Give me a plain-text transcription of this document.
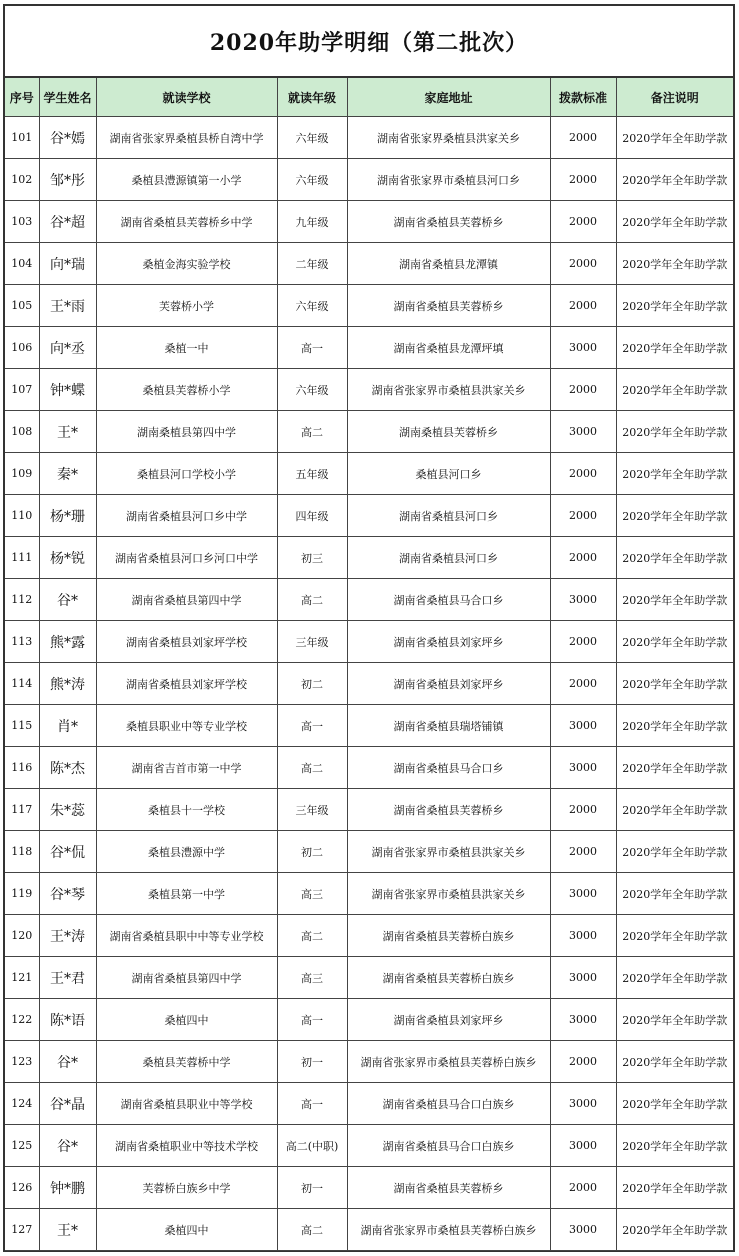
2020年助学明细（第二批次）
序号	学生姓名	就读学校	就读年级	家庭地址	拨款标准	备注说明
101	谷*嫣	湖南省张家界桑植县桥自湾中学	六年级	湖南省张家界桑植县洪家关乡	2000	2020学年全年助学款
102	邹*彤	桑植县澧源镇第一小学	六年级	湖南省张家界市桑植县河口乡	2000	2020学年全年助学款
103	谷*超	湖南省桑植县芙蓉桥乡中学	九年级	湖南省桑植县芙蓉桥乡	2000	2020学年全年助学款
104	向*瑞	桑植金海实验学校	二年级	湖南省桑植县龙潭镇	2000	2020学年全年助学款
105	王*雨	芙蓉桥小学	六年级	湖南省桑植县芙蓉桥乡	2000	2020学年全年助学款
106	向*丞	桑植一中	高一	湖南省桑植县龙潭坪填	3000	2020学年全年助学款
107	钟*蝶	桑植县芙蓉桥小学	六年级	湖南省张家界市桑植县洪家关乡	2000	2020学年全年助学款
108	王*	湖南桑植县第四中学	高二	湖南桑植县芙蓉桥乡	3000	2020学年全年助学款
109	秦*	桑植县河口学校小学	五年级	桑植县河口乡	2000	2020学年全年助学款
110	杨*珊	湖南省桑植县河口乡中学	四年级	湖南省桑植县河口乡	2000	2020学年全年助学款
111	杨*锐	湖南省桑植县河口乡河口中学	初三	湖南省桑植县河口乡	2000	2020学年全年助学款
112	谷*	湖南省桑植县第四中学	高二	湖南省桑植县马合口乡	3000	2020学年全年助学款
113	熊*露	湖南省桑植县刘家坪学校	三年级	湖南省桑植县刘家坪乡	2000	2020学年全年助学款
114	熊*涛	湖南省桑植县刘家坪学校	初二	湖南省桑植县刘家坪乡	2000	2020学年全年助学款
115	肖*	桑植县职业中等专业学校	高一	湖南省桑植县瑞塔铺镇	3000	2020学年全年助学款
116	陈*杰	湖南省吉首市第一中学	高二	湖南省桑植县马合口乡	3000	2020学年全年助学款
117	朱*蕊	桑植县十一学校	三年级	湖南省桑植县芙蓉桥乡	2000	2020学年全年助学款
118	谷*侃	桑植县澧源中学	初二	湖南省张家界市桑植县洪家关乡	2000	2020学年全年助学款
119	谷*琴	桑植县第一中学	高三	湖南省张家界市桑植县洪家关乡	3000	2020学年全年助学款
120	王*涛	湖南省桑植县职中中等专业学校	高二	湖南省桑植县芙蓉桥白族乡	3000	2020学年全年助学款
121	王*君	湖南省桑植县第四中学	高三	湖南省桑植县芙蓉桥白族乡	3000	2020学年全年助学款
122	陈*语	桑植四中	高一	湖南省桑植县刘家坪乡	3000	2020学年全年助学款
123	谷*	桑植县芙蓉桥中学	初一	湖南省张家界市桑植县芙蓉桥白族乡	2000	2020学年全年助学款
124	谷*晶	湖南省桑植县职业中等学校	高一	湖南省桑植县马合口白族乡	3000	2020学年全年助学款
125	谷*	湖南省桑植职业中等技术学校	高二(中职)	湖南省桑植县马合口白族乡	3000	2020学年全年助学款
126	钟*鹏	芙蓉桥白族乡中学	初一	湖南省桑植县芙蓉桥乡	2000	2020学年全年助学款
127	王*	桑植四中	高二	湖南省张家界市桑植县芙蓉桥白族乡	3000	2020学年全年助学款
